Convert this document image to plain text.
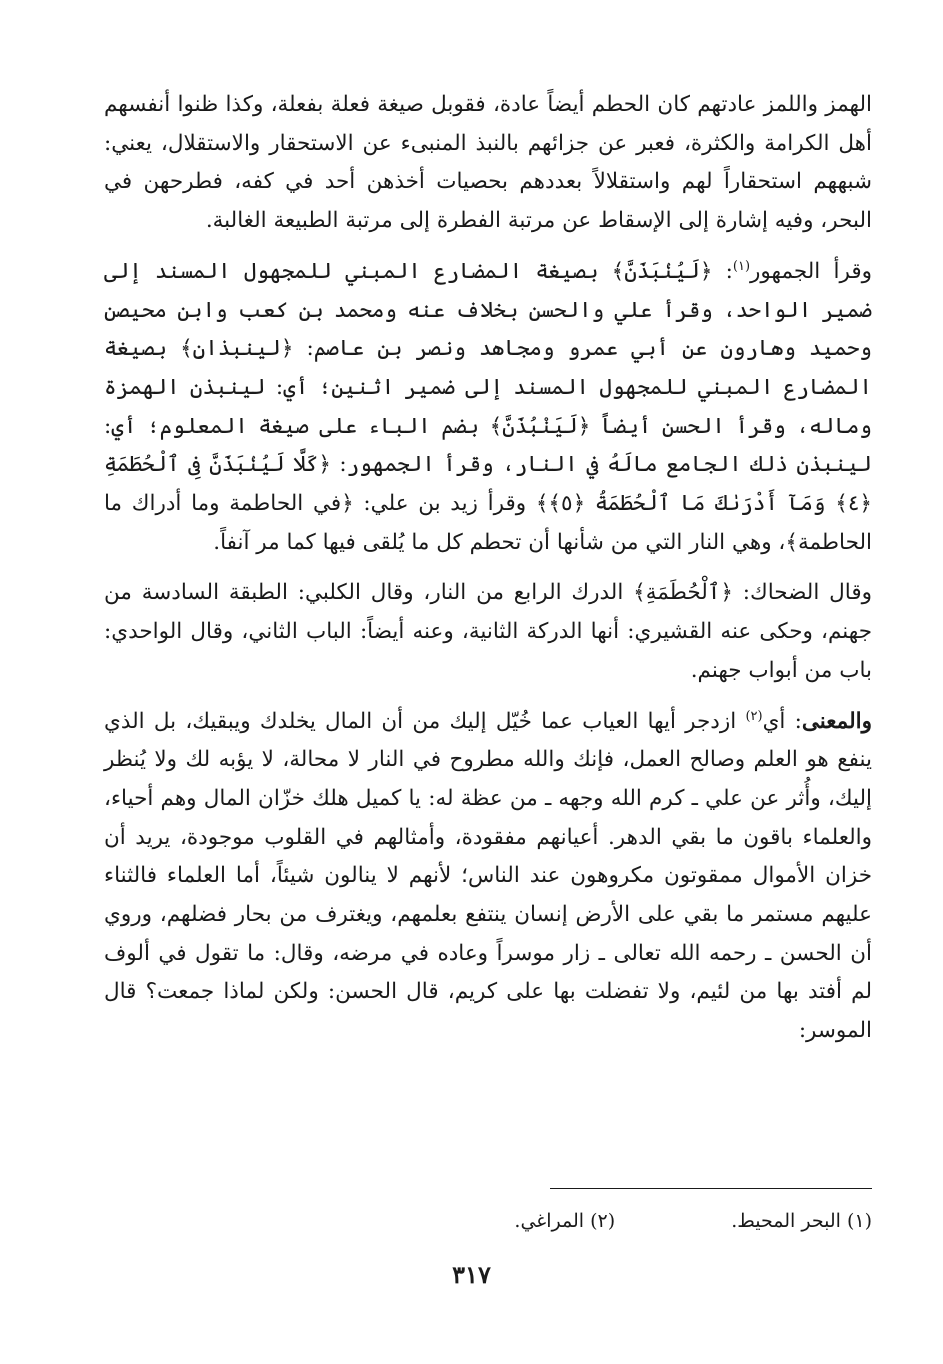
الهمز واللمز عادتهم كان الحطم أيضاً عادة، فقوبل صيغة فعلة بفعلة، وكذا ظنوا أنفسهم أهل الكرامة والكثرة، فعبر عن جزائهم بالنبذ المنبىء عن الاستحقار والاستقلال، يعني: شبههم استحقاراً لهم واستقلالاً بعددهم بحصيات أخذهن أحد في كفه، فطرحهن في البحر، وفيه إشارة إلى الإسقاط عن مرتبة الفطرة إلى مرتبة الطبيعة الغالبة.

وقرأ الجمهور$^{(١)}$: ﴿لَيُنۢبَذَنَّ﴾ بصيغة المضارع المبني للمجهول المسند إلى ضمير الواحد، وقرأ علي والحسن بخلاف عنه ومحمد بن كعب وابن محيصن وحميد وهارون عن أبي عمرو ومجاهد ونصر بن عاصم: ﴿لينبذانِ﴾ بصيغة المضارع المبني للمجهول المسند إلى ضمير اثنين؛ أي: لينبذن الهمزة وماله، وقرأ الحسن أيضاً ﴿لَيَنْبُذَنَّ﴾ بضم الباء على صيغة المعلوم؛ أي: لينبذن ذلك الجامع مالَهُ في النار، وقرأ الجمهور: ﴿كَلَّا لَيُنۢبَذَنَّ فِى ٱلْحُطَمَةِ ﴿٤﴾ وَمَآ أَدْرَىٰكَ مَا ٱلْحُطَمَةُ ﴿٥﴾﴾ وقرأ زيد بن علي: ﴿في الحاطمة وما أدراك ما الحاطمة﴾، وهي النار التي من شأنها أن تحطم كل ما يُلقى فيها كما مر آنفاً.

وقال الضحاك: ﴿ٱلْحُطَمَةِ﴾ الدرك الرابع من النار، وقال الكلبي: الطبقة السادسة من جهنم، وحكى عنه القشيري: أنها الدركة الثانية، وعنه أيضاً: الباب الثاني، وقال الواحدي: باب من أبواب جهنم.

والمعنى: أي$^{(٢)}$ ازدجر أيها العياب عما خُيّل إليك من أن المال يخلدك ويبقيك، بل الذي ينفع هو العلم وصالح العمل، فإنك والله مطروح في النار لا محالة، لا يؤبه لك ولا يُنظر إليك، وأُثر عن علي ـ كرم الله وجهه ـ من عظة له: يا كميل هلك خزّان المال وهم أحياء، والعلماء باقون ما بقي الدهر. أعيانهم مفقودة، وأمثالهم في القلوب موجودة، يريد أن خزان الأموال ممقوتون مكروهون عند الناس؛ لأنهم لا ينالون شيئاً، أما العلماء فالثناء عليهم مستمر ما بقي على الأرض إنسان ينتفع بعلمهم، ويغترف من بحار فضلهم، وروي أن الحسن ـ رحمه الله تعالى ـ زار موسراً وعاده في مرضه، وقال: ما تقول في ألوف لم أفتد بها من لئيم، ولا تفضلت بها على كريم، قال الحسن: ولكن لماذا جمعت؟ قال الموسر:

(١) البحر المحيط. (٢) المراغي.
٣١٧
